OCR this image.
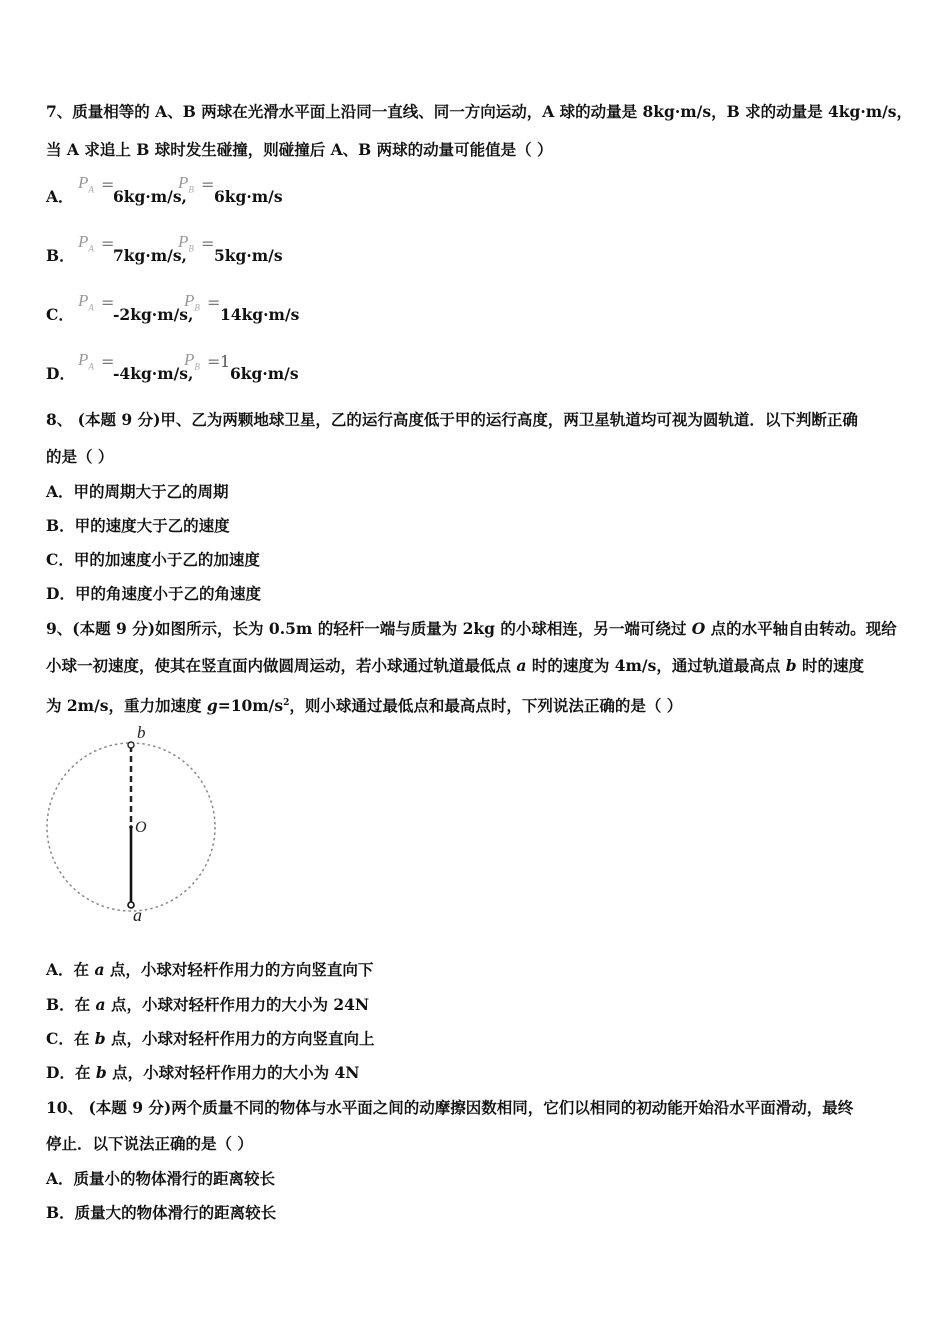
7、质量相等的 A、B 两球在光滑水平面上沿同一直线、同一方向运动，A 球的动量是 8kg·m/s，B 求的动量是 4kg·m/s，
当 A 求追上 B 球时发生碰撞，则碰撞后 A、B 两球的动量可能值是（ ）
A．
$P_A$ =
6kg·m/s,
$P_B$ =
6kg·m/s
B．
$P_A$ =
7kg·m/s,
$P_B$ =
5kg·m/s
C．
$P_A$ =
-2kg·m/s,
$P_B$ =
14kg·m/s
D．
$P_A$ =
-4kg·m/s,
$P_B = 1$
6kg·m/s
8、 (本题 9 分)甲、乙为两颗地球卫星，乙的运行高度低于甲的运行高度，两卫星轨道均可视为圆轨道．以下判断正确
的是（ ）
A．甲的周期大于乙的周期
B．甲的速度大于乙的速度
C．甲的加速度小于乙的加速度
D．甲的角速度小于乙的角速度
9、(本题 9 分)如图所示，长为 0.5m 的轻杆一端与质量为 2kg 的小球相连，另一端可绕过 O 点的水平轴自由转动。现给
小球一初速度，使其在竖直面内做圆周运动，若小球通过轨道最低点 a 时的速度为 4m/s，通过轨道最高点 b 时的速度
为 2m/s，重力加速度 $g=10m/s^2$，则小球通过最低点和最高点时，下列说法正确的是（ ）
b
O
a
A．在 a 点，小球对轻杆作用力的方向竖直向下
B．在 a 点，小球对轻杆作用力的大小为 24N
C．在 b 点，小球对轻杆作用力的方向竖直向上
D．在 b 点，小球对轻杆作用力的大小为 4N
10、 (本题 9 分)两个质量不同的物体与水平面之间的动摩擦因数相同，它们以相同的初动能开始沿水平面滑动，最终
停止．以下说法正确的是（ ）
A．质量小的物体滑行的距离较长
B．质量大的物体滑行的距离较长
